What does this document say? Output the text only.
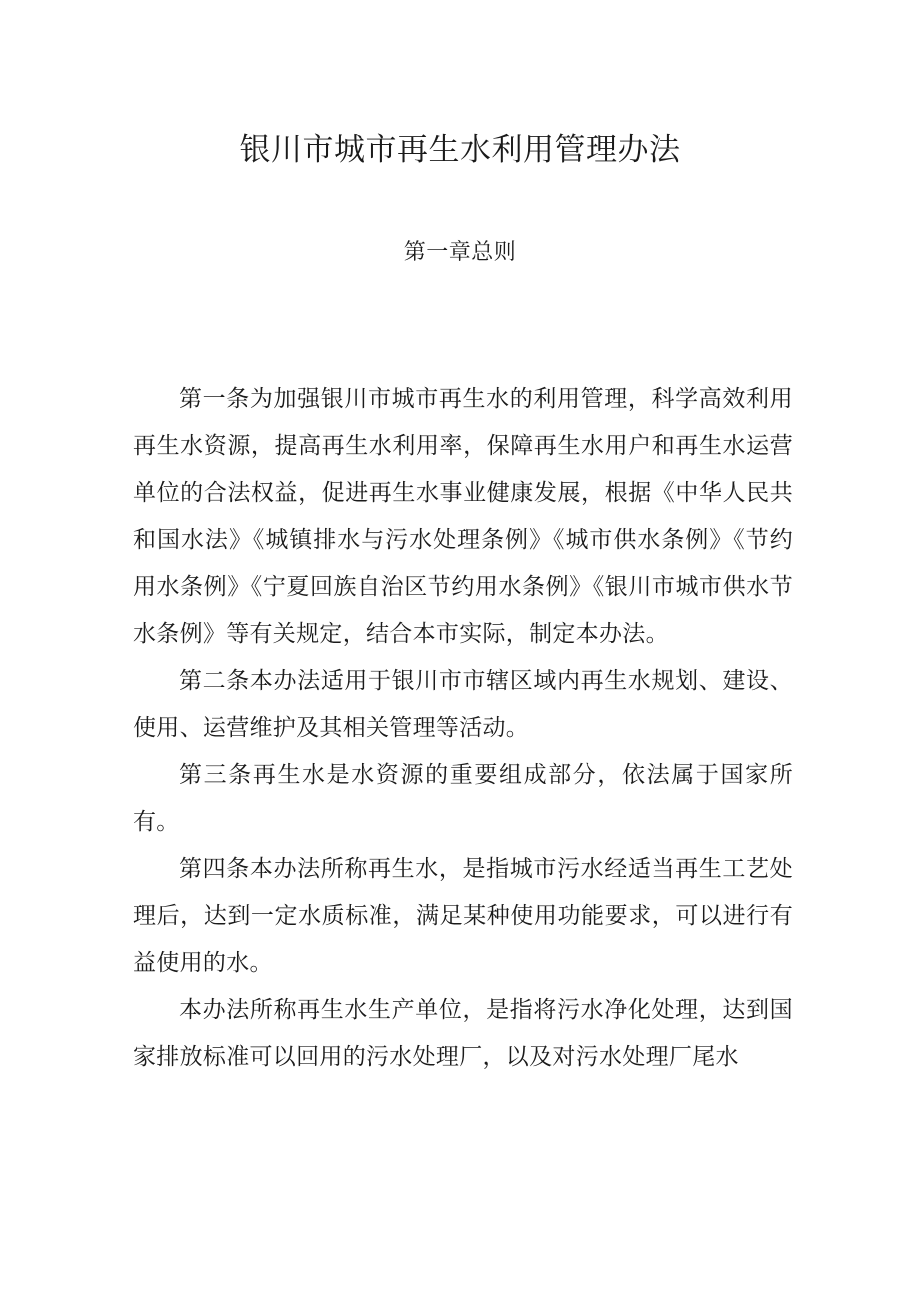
银川市城市再生水利用管理办法
第一章总则

第一条为加强银川市城市再生水的利用管理，科学高效利用再生水资源，提高再生水利用率，保障再生水用户和再生水运营单位的合法权益，促进再生水事业健康发展，根据《中华人民共和国水法》《城镇排水与污水处理条例》《城市供水条例》《节约用水条例》《宁夏回族自治区节约用水条例》《银川市城市供水节水条例》等有关规定，结合本市实际，制定本办法。

第二条本办法适用于银川市市辖区域内再生水规划、建设、使用、运营维护及其相关管理等活动。

第三条再生水是水资源的重要组成部分，依法属于国家所有。

第四条本办法所称再生水，是指城市污水经适当再生工艺处理后，达到一定水质标准，满足某种使用功能要求，可以进行有益使用的水。

本办法所称再生水生产单位，是指将污水净化处理，达到国家排放标准可以回用的污水处理厂，以及对污水处理厂尾水
